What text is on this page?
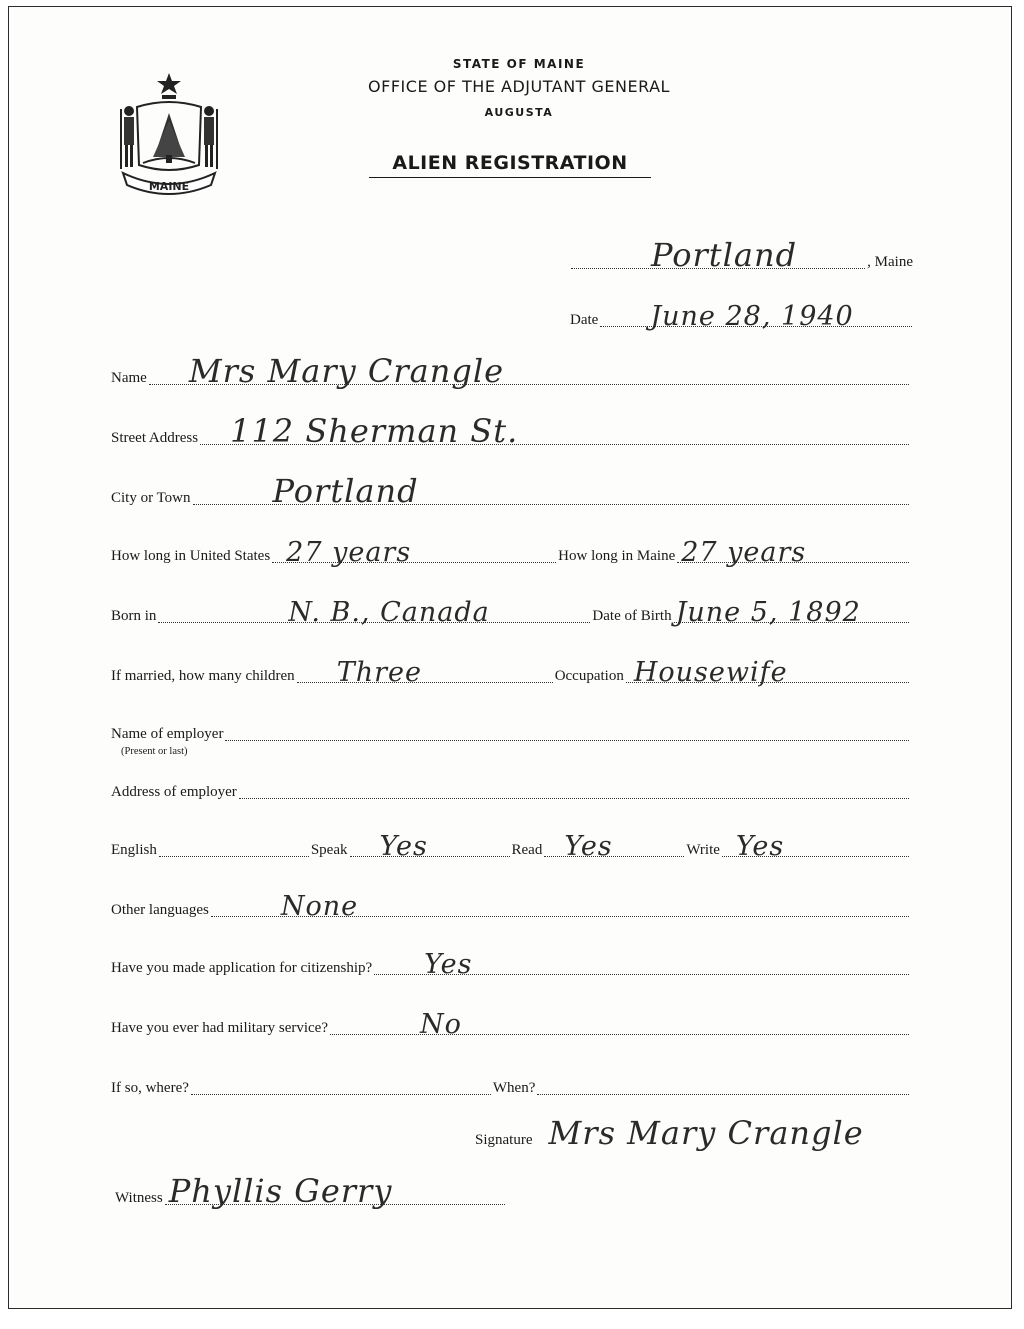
MAINE
STATE OF MAINE
OFFICE OF THE ADJUTANT GENERAL
AUGUSTA
ALIEN REGISTRATION
Portland	, Maine
Date June 28, 1940
Name Mrs Mary Crangle
Street Address 112 Sherman St.
City or Town	Portland
How long in United States 27 years	How long in Maine 27 years
Born in	N. B., Canada	Date of Birth June 5, 1892
If married, how many children Three	Occupation Housewife
Name of employer
(Present or last)
Address of employer
English	Speak Yes	Read Yes	Write Yes
Other languages	None
Have you made application for citizenship? Yes
Have you ever had military service?	No
If so, where?	When?
Signature Mrs Mary Crangle
Witness Phyllis Gerry
